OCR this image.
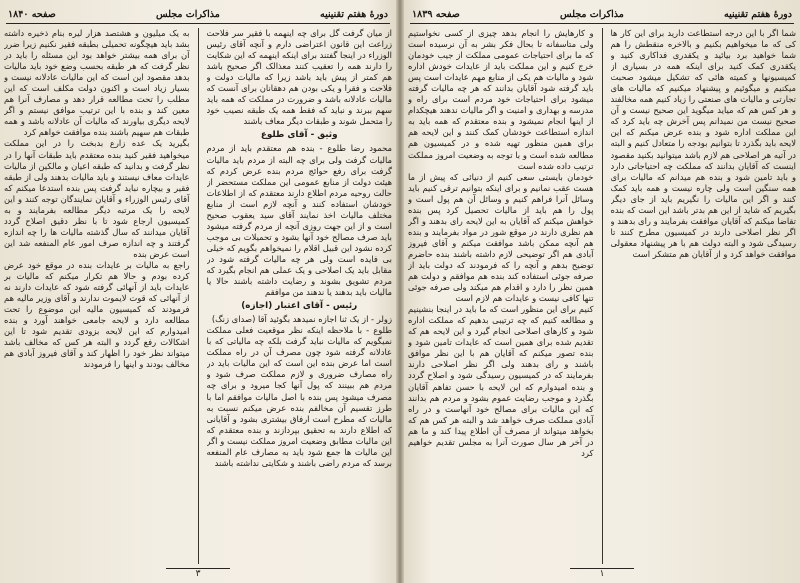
دورهٔ هفتم تقنینیه
مذاکرات مجلس
صفحه ۱۸۴۰

از میان گرفت گل برای چه اینهمه با فقیر سر فلاحت زراعت این قانون اعتراضی دارم و آنچه آقای رئیس الوزراء در اینجا گفتند برای اینکه اینهمه که این شکایت را دارند همه را تعقیب کنند معذالک اگر صحیح باشد هم کمتر از پیش باید باشد زیرا که مالیات دولت و فلاحت و فقرا و یکی بودن هم دهقانان برای آنست که مالیات عادلانه باشد و ضرورت در مملکت که همه باید سهم ببرند و نباید که فقط همه یک طبقه نصیب خود را متحمل شوند و طبقات دیگر معاف باشند

وثیق - آقای طلوع

محمود رضا طلوع - بنده هم معتقدم باید از مردم مالیات گرفت ولی برای چه البته از مردم باید مالیات گرفت برای رفع حوائج مردم بنده عرض کردم که هیئت دولت از منابع عمومی این مملکت مستحضر از حالت روحیه مردم اطلاع دارند معتقدم که از اطلاعات خودشان استفاده کنند و آنچه لازم است از منابع مختلف مالیات اخذ نمایند آقای سید یعقوب صحیح است و از این جهت روزی آنچه از مردم گرفته میشود باید صرف مصالح خود آنها بشود و تحمیلات بی موجب کرده نشود این قبیل اقلام را نمیخواهم بگویم که خیلی بی فایده است ولی هر چه مالیات گرفته شود در مقابل باید یک اصلاحی و یک عملی هم انجام بگیرد که مردم تشویق بشوند و رضایت داشته باشند حالا یا مالیات باید بدهند یا ندهند من موافقم

رئیس - آقای اعتبار (اجازه)

زولر - از یک ثنا اجازه نمیدهد بگوئید آقا (صدای زنگ)

طلوع - با ملاحظه اینکه نظر موقعیت فعلی مملکت نمیگویم که مالیات نباید گرفت بلکه چه مالیاتی که با عادلانه گرفته شود چون مصرف آن در راه مملکت است اما عرض بنده این است که این مالیات باید در راه مصارف ضروری و لازم مملکت صرف شود و مردم هم ببینند که پول آنها کجا میرود و برای چه مصرف میشود پس بنده با اصل مالیات موافقم اما با طرز تقسیم آن مخالفم بنده عرض میکنم نسبت به مالیات که مطرح است ارفاق بیشتری بشود و آقایانی که اطلاع دارند به تحقیق بپردازند و بنده معتقدم که این مالیات مطابق وضعیت امروز مملکت نیست و اگر این مالیات ها جمع شود باید به مصارف عام المنفعه برسد که مردم راضی باشند و شکایتی نداشته باشند

به یک میلیون و هشتصد هزار لیره بنام ذخیره داشته بشد باید هیچگونه تحمیلی بطبقه فقیر نکنیم زیرا ضرر آن برای همه بیشتر خواهد بود این مسئله را باید در نظر گرفت که هر طبقه بحسب وضع خود باید مالیات بدهد مقصود این است که این مالیات عادلانه نیست و بسیار زیاد است و اکنون دولت مکلف است که این مطلب را تحت مطالعه قرار دهد و مصارف آنرا هم معین کند و بنده با این ترتیب موافق نیستم و اگر لایحه دیگری بیاورند که مالیات آن عادلانه باشد و همه طبقات هم سهیم باشند بنده موافقت خواهم کرد

بگیرید یک عده زارع بدبخت را در این مملکت میخواهید فقیر کنید بنده معتقدم باید طبقات آنها را در نظر گرفت و بدانید که طبقه اعیان و مالکین از مالیات عایدات معاف نیستند و باید مالیات بدهند ولی از طبقه فقیر و بیچاره نباید گرفت پس بنده استدعا میکنم که آقای رئیس الوزراء و آقایان نمایندگان توجه کنند و این لایحه را یک مرتبه دیگر مطالعه بفرمایند و به کمیسیون ارجاع شود تا با نظر دقیق اصلاح گردد آقایان میدانند که سال گذشته مالیات ها را چه اندازه گرفتند و چه اندازه صرف امور عام المنفعه شد این است عرض بنده

راجع به مالیات بر عایدات بنده در موقع خود عرض کرده بودم و حالا هم تکرار میکنم که مالیات بر عایدات باید از آنهائی گرفته شود که عایدات دارند نه از آنهائی که قوت لایموت ندارند و آقای وزیر مالیه هم فرمودند که کمیسیون مالیه این موضوع را تحت مطالعه دارد و لایحه جامعی خواهند آورد و بنده امیدوارم که این لایحه بزودی تقدیم شود تا این اشکالات رفع گردد و البته هر کس که مخالف باشد میتواند نظر خود را اظهار کند و آقای فیروز آبادی هم مخالف بودند و اینها را فرمودند

۳
دورهٔ هفتم تقنینیه
مذاکرات مجلس
صفحه ۱۸۳۹

شما اگر با این درجه استطاعت دارید برای این کار ها کی که ما میخواهیم بکنیم و بالاخره منقطش را هم شما خواهید برد بیائید و یکقدری فداکاری کنید و یکقدری کمک کنید برای اینکه همه در بسیاری از کمیسیونها و کمیته هائی که تشکیل میشود صحبت میکنیم و میگوئیم و پیشنهاد میکنیم که مالیات های تجارتی و مالیات های صنعتی را زیاد کنیم همه مخالفند و هر کس هم که میاید میگوید این صحیح نیست و آن صحیح نیست من نمیدانم پس آخرش چه باید کرد که این مملکت اداره شود و بنده عرض میکنم که این لایحه باید بگذرد تا بتوانیم بودجه را متعادل کنیم و البته در آتیه هر اصلاحی هم لازم باشد میتوانید بکنید مقصود اینست که آقایان بدانند که مملکت چه احتیاجاتی دارد و باید تامین شود و بنده هم میدانم که مالیات برای همه سنگین است ولی چاره نیست و همه باید کمک کنند و اگر این مالیات را نگیریم باید از جای دیگر بگیریم که شاید از این هم بدتر باشد این است که بنده تقاضا میکنم که آقایان موافقت بفرمایند و رای بدهند و اگر نظر اصلاحی دارند در کمیسیون مطرح کنند تا رسیدگی شود و البته دولت هم با هر پیشنهاد معقولی موافقت خواهد کرد و از آقایان هم متشکر است

و کارهایش را انجام بدهد چیزی از کسی نخواستیم ولی متاسفانه تا بحال فکر بشر به آن نرسیده است که ما برای احتیاجات عمومی مملکت از جیب خودمان خرج کنیم و این مملکت باید از عایدات خودش اداره شود و مالیات هم یکی از منابع مهم عایدات است پس باید گرفته شود آقایان بدانند که هر چه مالیات گرفته میشود برای احتیاجات خود مردم است برای راه و مدرسه و بهداری و امنیت و اگر مالیات ندهند هیچکدام از اینها انجام نمیشود و بنده معتقدم که همه باید به اندازه استطاعت خودشان کمک کنند و این لایحه هم برای همین منظور تهیه شده و در کمیسیون هم مطالعه شده است و با توجه به وضعیت امروز مملکت ترتیب داده شده است

خودمان بایستی سعی کنیم از دنیائی که پیش از ما هست عقب نمانیم و برای اینکه بتوانیم ترقی کنیم باید وسائل آنرا فراهم کنیم و وسائل آن هم پول است و پول را هم باید از مالیات تحصیل کرد پس بنده خواهش میکنم که آقایان به این لایحه رای بدهند و اگر هم نظری دارند در موقع شور در مواد بفرمایند و بنده هم آنچه ممکن باشد موافقت میکنم و آقای فیروز آبادی هم اگر توضیحی لازم داشته باشند بنده حاضرم توضیح بدهم و آنچه را که فرمودند که دولت باید از صرفه جوئی استفاده کند بنده هم موافقم و دولت هم همین نظر را دارد و اقدام هم میکند ولی صرفه جوئی تنها کافی نیست و عایدات هم لازم است

کنیم برای این منظور است که ما باید در اینجا بنشینیم و مطالعه کنیم که چه ترتیبی بدهیم که مملکت اداره شود و کارهای اصلاحی انجام گیرد و این لایحه هم که تقدیم شده برای همین است که عایدات تامین شود و بنده تصور میکنم که آقایان هم با این نظر موافق باشند و رای بدهند ولی اگر نظر اصلاحی دارند بفرمایند که در کمیسیون رسیدگی شود و اصلاح گردد و بنده امیدوارم که این لایحه با حسن تفاهم آقایان بگذرد و موجب رضایت عموم بشود و مردم هم بدانند که این مالیات برای مصالح خود آنهاست و در راه آبادی مملکت صرف خواهد شد و البته هر کس هم که بخواهد میتواند از مصرف آن اطلاع پیدا کند و ما هم در آخر هر سال صورت آنرا به مجلس تقدیم خواهیم کرد

۱
